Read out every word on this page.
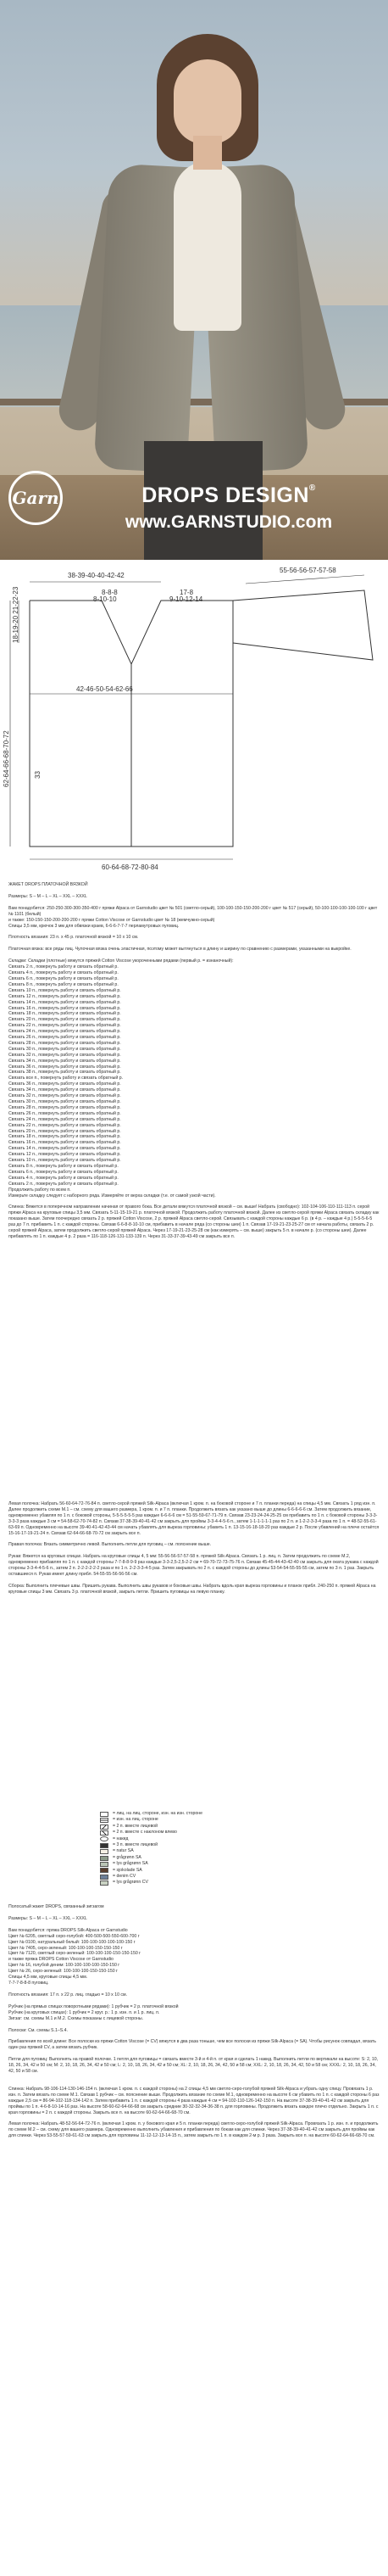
Garn	DROPS DESIGN®
www.GARNSTUDIO.com
38-39-40-40-42-42
8-8-8
8-10-10
17-8
9-10-12-14
55-56-56-57-57-58
42-46-50-54-62-66
60-64-68-72-80-84
62-64-66-68-70-72
18-19-20 21-22-23
33

ЖАКЕТ DROPS ПЛАТОЧНОЙ ВЯЗКОЙ

Размеры: S – M – L – XL – XXL – XXXL

Вам понадобится: 250-250-300-300-350-400 г пряжи Alpaca от Garnstudio цвет № 501 (светло-серый), 100-100-150-150-200-200 г цвет № 517 (серый), 50-100-100-100-100-100 г цвет № 1101 (белый)
и также: 150-150-150-200-200-200 г пряжи Cotton Viscose от Garnstudio цвет № 18 (жемчужно-серый)
Спицы 3,5 мм, крючок 3 мм для обвязки краев, 6-6-6-7-7-7 перламутровых пуговиц.

Плотность вязания: 23 п. х 45 р. платочной вязкой = 10 х 10 см.

Платочная вязка: все ряды лиц. Чулочная вязка очень эластичная, поэтому может вытянуться в длину и ширину по сравнению с размерами, указанными на выкройке.

Складки: Складки (плотные) вяжутся пряжей Cotton Viscose укороченными рядами (первый р. = изнаночный):
Связать 2 п., повернуть работу и связать обратный р.
Связать 4 п., повернуть работу и связать обратный р.
Связать 6 п., повернуть работу и связать обратный р.
Связать 8 п., повернуть работу и связать обратный р.
Связать 10 п., повернуть работу и связать обратный р.
Связать 12 п., повернуть работу и связать обратный р.
Связать 14 п., повернуть работу и связать обратный р.
Связать 16 п., повернуть работу и связать обратный р.
Связать 18 п., повернуть работу и связать обратный р.
Связать 20 п., повернуть работу и связать обратный р.
Связать 22 п., повернуть работу и связать обратный р.
Связать 24 п., повернуть работу и связать обратный р.
Связать 26 п., повернуть работу и связать обратный р.
Связать 28 п., повернуть работу и связать обратный р.
Связать 30 п., повернуть работу и связать обратный р.
Связать 32 п., повернуть работу и связать обратный р.
Связать 34 п., повернуть работу и связать обратный р.
Связать 36 п., повернуть работу и связать обратный р.
Связать 38 п., повернуть работу и связать обратный р.
Связать все п., повернуть работу и связать обратный р.
Связать 36 п., повернуть работу и связать обратный р.
Связать 34 п., повернуть работу и связать обратный р.
Связать 32 п., повернуть работу и связать обратный р.
Связать 30 п., повернуть работу и связать обратный р.
Связать 28 п., повернуть работу и связать обратный р.
Связать 26 п., повернуть работу и связать обратный р.
Связать 24 п., повернуть работу и связать обратный р.
Связать 22 п., повернуть работу и связать обратный р.
Связать 20 п., повернуть работу и связать обратный р.
Связать 18 п., повернуть работу и связать обратный р.
Связать 16 п., повернуть работу и связать обратный р.
Связать 14 п., повернуть работу и связать обратный р.
Связать 12 п., повернуть работу и связать обратный р.
Связать 10 п., повернуть работу и связать обратный р.
Связать 8 п., повернуть работу и связать обратный р.
Связать 6 п., повернуть работу и связать обратный р.
Связать 4 п., повернуть работу и связать обратный р.
Связать 2 п., повернуть работу и связать обратный р.
Продолжить работу по всем п.
Измерьте складку следует с наборного ряда. Измеряйте от верха складки (т.е. от самой узкой части).

Спинка: Вяжется в поперечном направлении начиная от правого бока. Все детали вяжутся платочной вязкой – см. выше! Набрать (свободно): 102-104-106-110-111-113 п. серой пряжи Alpaca на круговые спицы 3,5 мм. Связать 5-11-15-19-21 р. платочной вязкой. Продолжить работу платочной вязкой. Далее из светло-серой пряжи Alpaca связать складку как показано выше. Затем поочередно связать 2 р. пряжей Cotton Viscose, 2 р. пряжей Alpaca светло-серой. Связывать с каждой стороны каждые 6 р. (в 4 р. – каждые 4 р.) 5-5-5-6-5 раз до 7 п. прибавить 1 п. с каждой стороны. Связав 6-6-8-8-10-10 см, прибавить в начале ряда (со стороны шеи) 1 п. Связав 17-19-21-23-25-27 см от начала работы, связать 2 р. серой пряжей Alpaca, затем продолжить светло-серой пряжей Alpaca. Через 17-19-21-23-25-28 см (как измерять – см. выше) закрыть 5 п. в начале р. (со стороны шеи). Далее прибавлять по 1 п. каждые 4 р. 2 раза = 116-118-126-131-133-139 п. Через 31-33-37-39-43-49 см закрыть все п.

Левая полочка: Набрать 56-60-64-72-76-84 п. светло-серой пряжей Silk-Alpaca (включая 1 кром. п. на боковой стороне и 7 п. планки переда) на спицы 4,5 мм. Связать 1 ряд изн. п. Далее продолжить схеме М.1 – см. схему для вашего размера, 1 кром. п. и 7 п. планки. Продолжить вязать как указано выше до длины 6-6-6-6-6 см. Затем продолжить вязание, одновременно убавляя по 1 п. с боковой стороны, 5-5-5-5-5-5 раз каждые 6-6-6-6 см = 51-55-59-67-71-79 п. Связав 23-23-24-24-25-25 см прибавить по 1 п. с боковой стороны 3-3-3-3-3-3 раза каждые 3 см = 54-58-62-70-74-82 п. Связав 37-38-39-40-41-42 см закрыть для проймы 3-3-4-4-5-6 п., затем 1-1-1-1-1-1 раз по 2 п. и 1-2-2-3-3-4 раза по 1 п. = 48-52-55-61-63-69 п. Одновременно на высоте 39-40-41-42-43-44 см начать убавлять для выреза горловины: убавить 1 п. 13-15-16-18-18-20 раз каждые 2 р. После убавлений на плече остаётся 15-16-17-19-21-24 п. Связав 62-64-66-68-70-72 см закрыть все п.

Правая полочка: Вязать симметрично левой. Выполнить петли для пуговиц – см. пояснение выше.

Рукав: Вяжется на круговых спицах. Набрать на круговые спицы 4, 5 мм: 55-56-56-57-57-58 п. пряжей Silk-Alpaca. Связать 1 р. лиц. п. Затем продолжить по схеме М.2, одновременно прибавляя по 1 п. с каждой стороны 7-7-8-8-9-9 раз каждые 3-3-2,5-2,5-2-2 см = 69-70-72-73-75-76 п. Связав 45-45-44-43-42-40 см закрыть для оката рукава с каждой стороны 3-3-4-4-5-6 п., затем 2 п. 2-2-2-2-2-2 раза и по 1 п. 2-2-3-3-4-5 раз. Затем закрывать по 2 п. с каждой стороны до длины 53-54-54-55-55-55 см, затем по 3 п. 1 раз. Закрыть оставшиеся п. Рукав имеет длину прибл. 54-55-55-56-56-56 см.

Сборка: Выполнить плечевые швы. Пришить рукава. Выполнить швы рукавов и боковые швы. Набрать вдоль края выреза горловины и планок прибл. 240-250 п. пряжей Alpaca на круговые спицы 3 мм. Связать 3 р. платочной вязкой, закрыть петли. Пришить пуговицы на левую планку.

= лиц. на лиц. стороне, изн. на изн. стороне
= изн. на лиц. стороне
= 2 п. вместе лицевой
= 2 п. вместе с наклоном влево
= накид
= 3 п. вместе лицевой
= natur SA
= grågrønn SA
= lys grågrønn SA
= sjokolade SA
= denim CV
= lys grågrønn CV

Полосатый жакет DROPS, связанный зигзагом

Размеры: S – M – L – XL – XXL – XXXL

Вам понадобится: пряжа DROPS Silk-Alpaca от Garnstudio
Цвет № 6205, светлый серо-голубой: 400-500-500-550-600-700 г
Цвет № 0100, натуральный белый: 100-100-100-100-100-150 г
Цвет № 7405, серо-зеленый: 100-100-100-150-150-150 г
Цвет № 7120, светлый серо-зеленый: 100-100-100-150-150-150 г
и также пряжа DROPS Cotton Viscose от Garnstudio
Цвет № 16, голубой деним: 100-100-100-100-150-150 г
Цвет № 26, серо-зеленый: 100-100-100-150-150-150 г
Спицы 4,5 мм, круговые спицы 4,5 мм.
7-7-7-8-8-8 пуговиц.

Плотность вязания: 17 п. x 22 р. лиц. гладью = 10 x 10 см.

Рубчик (на прямых спицах поворотными рядами): 1 рубчик = 2 р. платочной вязкой
Рубчик (на круговых спицах): 1 рубчик = 2 круг. р.: 1 р. изн. п. и 1 р. лиц. п.
Зигзаг: см. схемы М.1 и М.2. Схемы показаны с лицевой стороны.

Полоски: См. схемы S.1–S.4.

Прибавления по всей длине: Все полоски из пряжи Cotton Viscose (= CV) вяжутся в два раза тоньше, чем все полоски из пряжи Silk-Alpaca (= SA). Чтобы рисунок совпадал, вязать один раз пряжей CV, а затем вязать рубчик.

Петли для пуговиц: Выполнять на правой полочке. 1 петля для пуговицы = связать вместе 3-й и 4-й п. от края и сделать 1 накид. Выполнить петли по вертикали на высоте: S: 2, 10, 18, 26, 34, 42 и 50 см; M: 2, 10, 18, 26, 34, 42 и 50 см; L: 2, 10, 18, 26, 34, 42 и 50 см; XL: 2, 10, 18, 26, 34, 42, 50 и 58 см; XXL: 2, 10, 18, 26, 34, 42, 50 и 58 см; XXXL: 2, 10, 18, 26, 34, 42, 50 и 58 см.

Спинка: Набрать 98-106-114-130-146-154 п. (включая 1 кром. п. с каждой стороны) на 2 спицы 4,5 мм светло-серо-голубой пряжей Silk-Alpaca и убрать одну спицу. Провязать 1 р. изн. п. Затем вязать по схеме М.1. Связав 1 рубчик – см. пояснение выше. Продолжить вязание по схеме М.1, одновременно на высоте 6 см убавить по 1 п. с каждой стороны 6 раз каждые 2,5 см = 86-94-102-118-134-142 п. Затем прибавить 1 п. с каждой стороны 4 раза каждые 4 см = 94-102-110-126-142-150 п. На высоте 37-38-39-40-41-42 см закрыть для проймы по 1 п. 4-6-8-10-14-16 раз. На высоте 58-60-62-64-66-68 см закрыть средние 30-32-32-34-36-38 п. для горловины. Продолжить вязать каждое плечо отдельно. Закрыть 1 п. с края горловины = 2 п. с каждой стороны. Закрыть все п. на высоте 60-62-64-66-68-70 см.

Левая полочка: Набрать 48-52-56-64-72-76 п. (включая 1 кром. п. у бокового края и 5 п. планки переда) светло-серо-голубой пряжей Silk-Alpaca. Провязать 1 р. изн. п. и продолжить по схеме М.2 – см. схему для вашего размера. Одновременно выполнить убавления и прибавления по бокам как для спинки. Через 37-38-39-40-41-42 см закрыть для проймы как для спинки. Через 53-55-57-59-61-63 см закрыть для горловины 11-12-12-13-14-15 п., затем закрыть по 1 п. в каждом 2-м р. 3 раза. Закрыть все п. на высоте 60-62-64-66-68-70 см.
